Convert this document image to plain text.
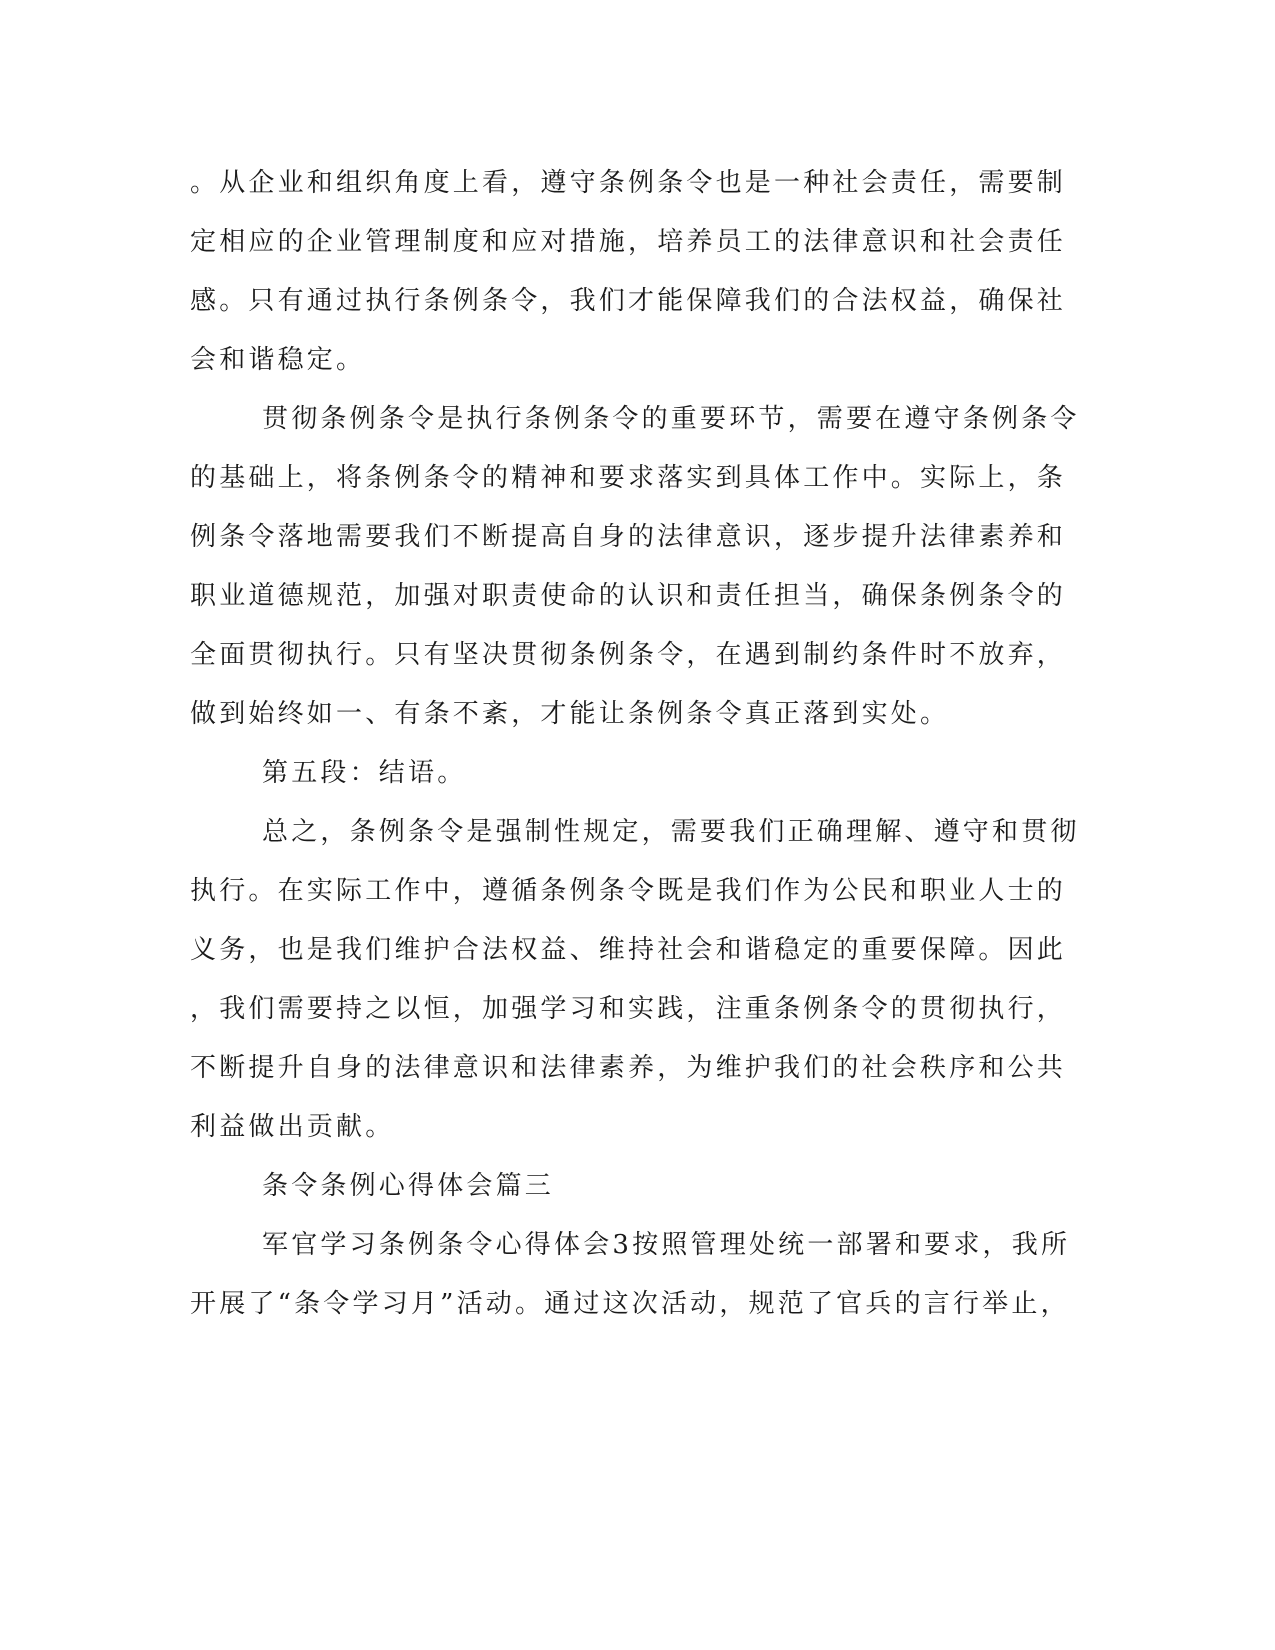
。从企业和组织角度上看，遵守条例条令也是一种社会责任，需要制
定相应的企业管理制度和应对措施，培养员工的法律意识和社会责任
感。只有通过执行条例条令，我们才能保障我们的合法权益，确保社
会和谐稳定。
贯彻条例条令是执行条例条令的重要环节，需要在遵守条例条令
的基础上，将条例条令的精神和要求落实到具体工作中。实际上，条
例条令落地需要我们不断提高自身的法律意识，逐步提升法律素养和
职业道德规范，加强对职责使命的认识和责任担当，确保条例条令的
全面贯彻执行。只有坚决贯彻条例条令，在遇到制约条件时不放弃，
做到始终如一、有条不紊，才能让条例条令真正落到实处。
第五段：结语。
总之，条例条令是强制性规定，需要我们正确理解、遵守和贯彻
执行。在实际工作中，遵循条例条令既是我们作为公民和职业人士的
义务，也是我们维护合法权益、维持社会和谐稳定的重要保障。因此
，我们需要持之以恒，加强学习和实践，注重条例条令的贯彻执行，
不断提升自身的法律意识和法律素养，为维护我们的社会秩序和公共
利益做出贡献。
条令条例心得体会篇三
军官学习条例条令心得体会3按照管理处统一部署和要求，我所
开展了“条令学习月”活动。通过这次活动，规范了官兵的言行举止，
